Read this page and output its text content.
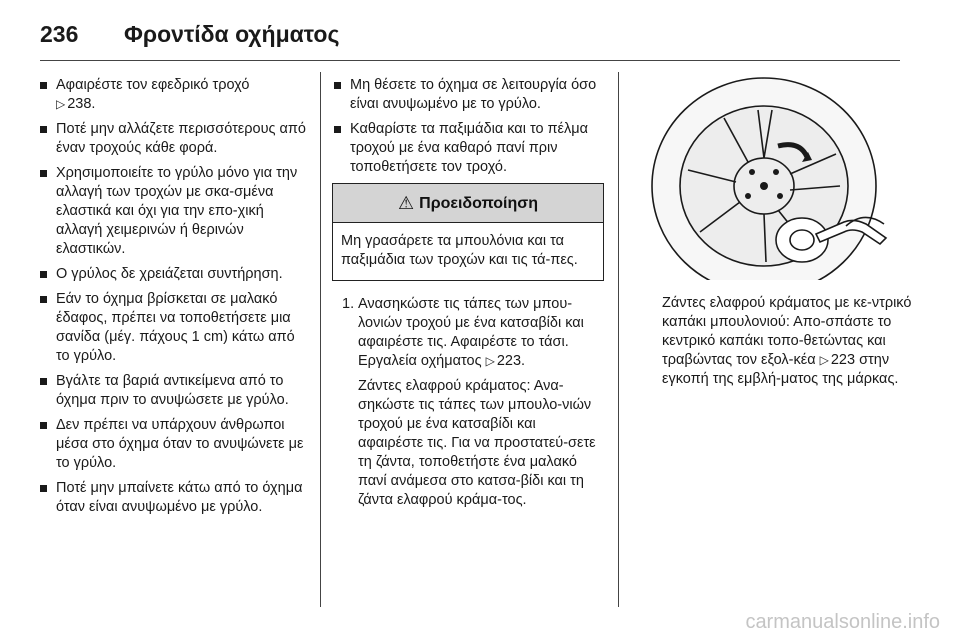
236	Φροντίδα οχήματος
Αφαιρέστε τον εφεδρικό τροχό
▷ 238.
Ποτέ μην αλλάζετε περισσότερους από έναν τροχούς κάθε φορά.
Χρησιμοποιείτε το γρύλο μόνο για την αλλαγή των τροχών με σκα-σμένα ελαστικά και όχι για την επο-χική αλλαγή χειμερινών ή θερινών ελαστικών.
Ο γρύλος δε χρειάζεται συντήρηση.
Εάν το όχημα βρίσκεται σε μαλακό έδαφος, πρέπει να τοποθετήσετε μια σανίδα (μέγ. πάχους 1 cm) κάτω από το γρύλο.
Βγάλτε τα βαριά αντικείμενα από το όχημα πριν το ανυψώσετε με γρύλο.
Δεν πρέπει να υπάρχουν άνθρωποι μέσα στο όχημα όταν το ανυψώνετε με το γρύλο.
Ποτέ μην μπαίνετε κάτω από το όχημα όταν είναι ανυψωμένο με γρύλο.
Μη θέσετε το όχημα σε λειτουργία όσο είναι ανυψωμένο με το γρύλο.
Καθαρίστε τα παξιμάδια και το πέλμα τροχού με ένα καθαρό πανί πριν τοποθετήσετε τον τροχό.
⚠ Προειδοποίηση
Μη γρασάρετε τα μπουλόνια και τα παξιμάδια των τροχών και τις τά-πες.
1. Ανασηκώστε τις τάπες των μπου-λονιών τροχού με ένα κατσαβίδι και αφαιρέστε τις. Αφαιρέστε το τάσι. Εργαλεία οχήματος ▷ 223.
Ζάντες ελαφρού κράματος: Ανα-σηκώστε τις τάπες των μπουλο-νιών τροχού με ένα κατσαβίδι και αφαιρέστε τις. Για να προστατεύ-σετε τη ζάντα, τοποθετήστε ένα μαλακό πανί ανάμεσα στο κατσα-βίδι και τη ζάντα ελαφρού κράμα-τος.
Ζάντες ελαφρού κράματος με κε-ντρικό καπάκι μπουλονιού: Απο-σπάστε το κεντρικό καπάκι τοπο-θετώντας και τραβώντας τον εξολ-κέα ▷ 223 στην εγκοπή της εμβλή-ματος της μάρκας.
carmanualsonline.info
